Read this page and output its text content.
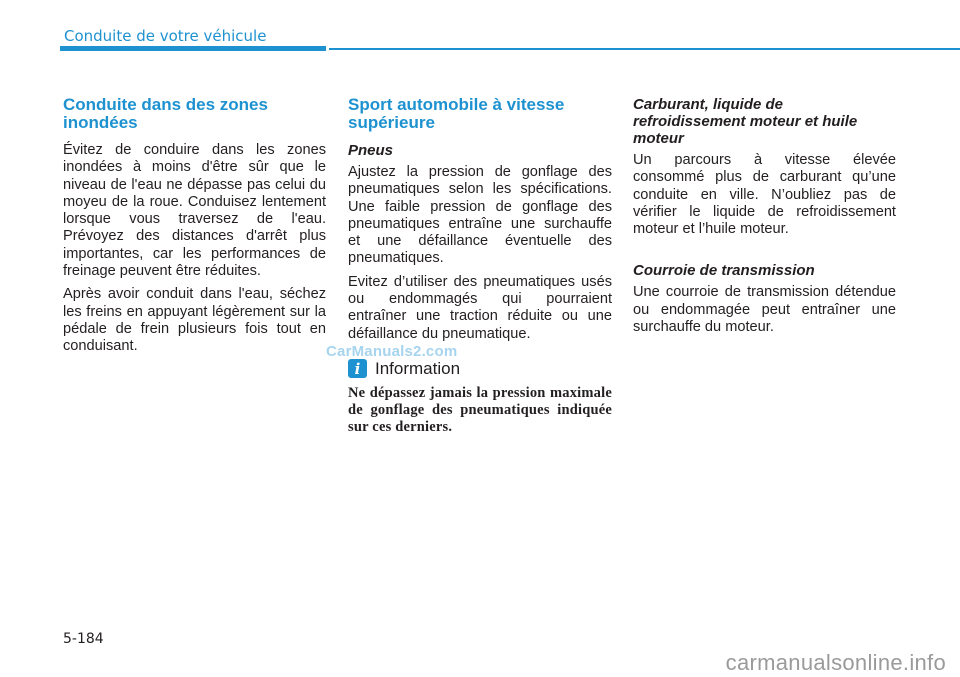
Conduite de votre véhicule
Conduite dans des zones inondées

Évitez de conduire dans les zones inondées à moins d'être sûr que le niveau de l'eau ne dépasse pas celui du moyeu de la roue. Conduisez lentement lorsque vous traversez de l'eau. Prévoyez des distances d'arrêt plus importantes, car les performances de freinage peuvent être réduites.

Après avoir conduit dans l'eau, séchez les freins en appuyant légèrement sur la pédale de frein plusieurs fois tout en conduisant.

Sport automobile à vitesse supérieure
Pneus

Ajustez la pression de gonflage des pneumatiques selon les spécifications. Une faible pression de gonflage des pneumatiques entraîne une surchauffe et une défaillance éventuelle des pneumatiques.

Evitez d’utiliser des pneumatiques usés ou endommagés qui pourraient entraîner une traction réduite ou une défaillance du pneumatique.

i Information

Ne dépassez jamais la pression maximale de gonflage des pneumatiques indiquée sur ces derniers.

Carburant, liquide de refroidissement moteur et huile moteur

Un parcours à vitesse élevée consommé plus de carburant qu’une conduite en ville. N’oubliez pas de vérifier le liquide de refroidissement moteur et l’huile moteur.

Courroie de transmission

Une courroie de transmission détendue ou endommagée peut entraîner une surchauffe du moteur.

CarManuals2.com
5-184
carmanualsonline.info
